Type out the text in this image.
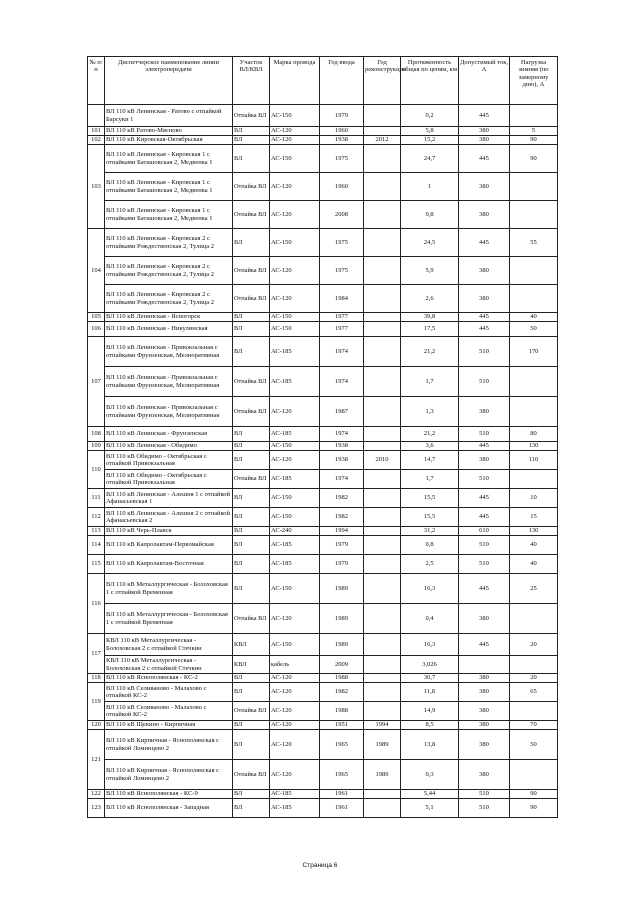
№ п/п	Диспетчерское наименование линии электропередачи	Участок ВЛ/КВЛ	Марка провода	Год ввода	Год реконструкции	Протяженность общая по цепям, км	Допустимый ток, А	Нагрузка зимняя (по замерному дню), А
	ВЛ 110 кВ Ленинская - Ратово с отпайкой Барсуки 1	Отпайка ВЛ	АС-150	1979		0,2	445	
101	ВЛ 110 кВ Ратово-Мясново	ВЛ	АС-120	1960		5,8	380	5
102	ВЛ 110 кВ Кировская-Октябрьская	ВЛ	АС-120	1938	2012	15,2	380	90
103	ВЛ 110 кВ Ленинская - Кировская 1 с отпайками Баташовская 2, Медвенка 1	ВЛ	АС-150	1975		24,7	445	90
	ВЛ 110 кВ Ленинская - Кировская 1 с отпайками Баташовская 2, Медвенка 1	Отпайка ВЛ	АС-120	1960		1	380	
	ВЛ 110 кВ Ленинская - Кировская 1 с отпайками Баташовская 2, Медвенка 1	Отпайка ВЛ	АС-120	2008		0,8	380	
104	ВЛ 110 кВ Ленинская - Кировская 2 с отпайками Рождественская 2, Тулица 2	ВЛ	АС-150	1975		24,5	445	55
	ВЛ 110 кВ Ленинская - Кировская 2 с отпайками Рождественская 2, Тулица 2	Отпайка ВЛ	АС-120	1975		5,9	380	
	ВЛ 110 кВ Ленинская - Кировская 2 с отпайками Рождественская 2, Тулица 2	Отпайка ВЛ	АС-120	1984		2,6	380	
105	ВЛ 110 кВ Ленинская - Ясногорск	ВЛ	АС-150	1977		39,8	445	40
106	ВЛ 110 кВ Ленинская - Никулинская	ВЛ	АС-150	1977		17,5	445	50
107	ВЛ 110 кВ Ленинская - Привокзальная с отпайками Фрунзенская, Мелиоративная	ВЛ	АС-185	1974		21,2	510	170
	ВЛ 110 кВ Ленинская - Привокзальная с отпайками Фрунзенская, Мелиоративная	Отпайка ВЛ	АС-185	1974		1,7	510	
	ВЛ 110 кВ Ленинская - Привокзальная с отпайками Фрунзенская, Мелиоративная	Отпайка ВЛ	АС-120	1987		1,3	380	
108	ВЛ 110 кВ Ленинская - Фрунзенская	ВЛ	АС-185	1974		21,2	510	80
109	ВЛ 110 кВ Ленинская - Обидимо	ВЛ	АС-150	1938		3,6	445	130
110	ВЛ 110 кВ Обидимо - Октябрьская с отпайкой Привокзальная	ВЛ	АС-120	1938	2010	14,7	380	110
	ВЛ 110 кВ Обидимо - Октябрьская с отпайкой Привокзальная	Отпайка ВЛ	АС-185	1974		1,7	510	
111	ВЛ 110 кВ Ленинская - Алешня 1 с отпайкой Афанасьевская 1	ВЛ	АС-150	1982		15,5	445	10
112	ВЛ 110 кВ Ленинская - Алешня 2 с отпайкой Афанасьевская 2	ВЛ	АС-150	1982		15,5	445	15
113	ВЛ 110 кВ Черь-Плавск	ВЛ	АС-240	1994		31,2	610	130
114	ВЛ 110 кВ Капролактам-Первомайская	ВЛ	АС-185	1979		0,8	510	40
115	ВЛ 110 кВ Капролактам-Восточная	ВЛ	АС-185	1979		2,5	510	40
116	ВЛ 110 кВ Металлургическая - Болоховская 1 с отпайкой Временная	ВЛ	АС-150	1989		16,3	445	25
	ВЛ 110 кВ Металлургическая - Болоховская 1 с отпайкой Временная	Отпайка ВЛ	АС-120	1989		0,4	380	
117	КВЛ 110 кВ Металлургическая - Болоховская 2 с отпайкой Стечкин	КВЛ	АС-150	1989		16,3	445	20
	КВЛ 110 кВ Металлургическая - Болоховская 2 с отпайкой Стечкин	КВЛ	кабель	2009		3,026		
118	ВЛ 110 кВ Яснополянская - КС-2	ВЛ	АС-120	1988		30,7	380	20
119	ВЛ 110 кВ Селиваново - Малахово с отпайкой КС-2	ВЛ	АС-120	1982		11,8	380	65
	ВЛ 110 кВ Селиваново - Малахово с отпайкой КС-2	Отпайка ВЛ	АС-120	1988		14,9	380	
120	ВЛ 110 кВ Щекино - Кирпичная	ВЛ	АС-120	1951	1994	8,5	380	70
121	ВЛ 110 кВ Кирпичная - Яснополянская с отпайкой Ломинцево 2	ВЛ	АС-120	1965	1989	13,8	380	50
	ВЛ 110 кВ Кирпичная - Яснополянская с отпайкой Ломинцево 2	Отпайка ВЛ	АС-120	1965	1989	0,3	380	
122	ВЛ 110 кВ Яснополянская - КС-9	ВЛ	АС-185	1961		5,44	510	90
123	ВЛ 110 кВ Яснополянская - Западная	ВЛ	АС-185	1961		5,1	510	90
Страница 6
